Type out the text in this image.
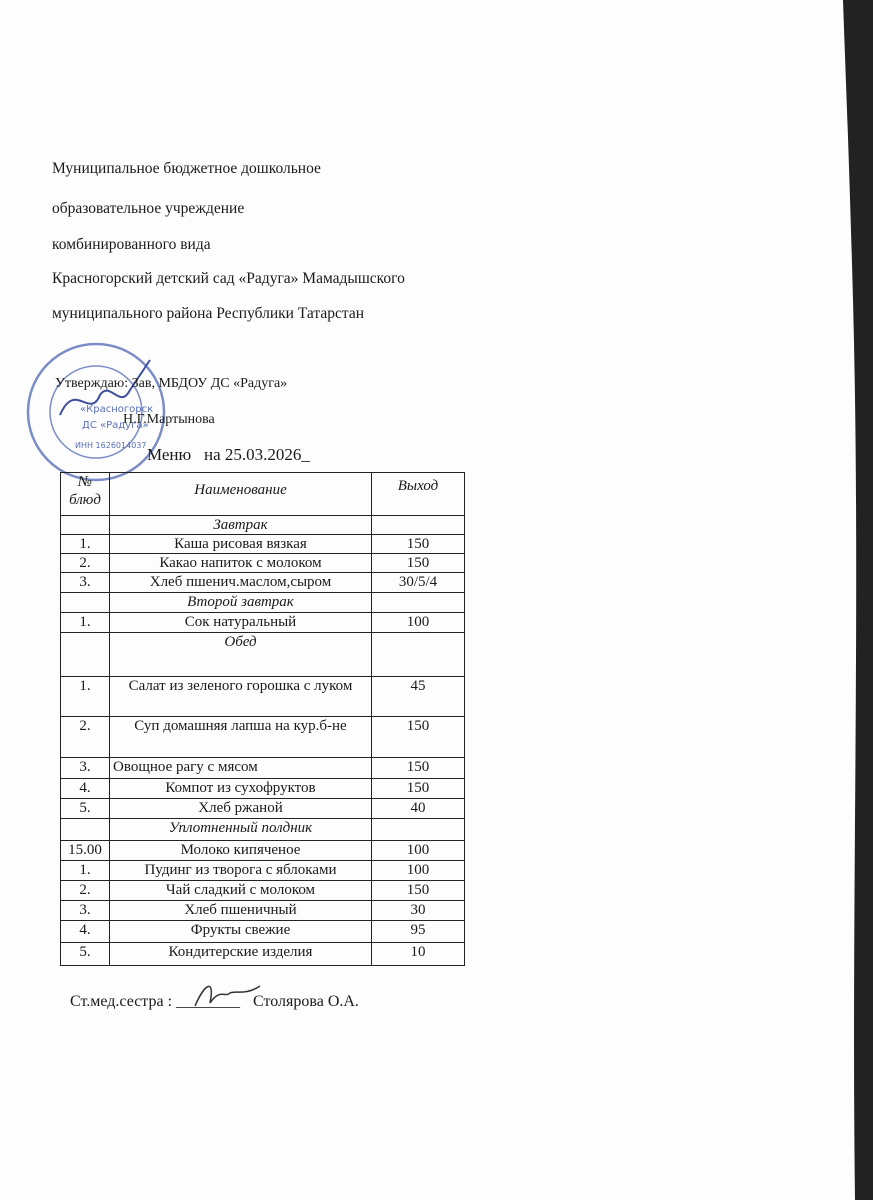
Муниципальное бюджетное дошкольное
образовательное учреждение
комбинированного вида
Красногорский детский сад «Радуга» Мамадышского
муниципального района Республики Татарстан
«Красногорск
ДС «Радуга»
ИНН 1626014037
Утверждаю: Зав, МБДОУ ДС «Радуга»
Н.Г.Мартынова
Меню   на 25.03.2026_
№ блюд	Наименование	Выход
	Завтрак	
1.	Каша рисовая вязкая	150
2.	Какао напиток с молоком	150
3.	Хлеб пшенич.маслом,сыром	30/5/4
	Второй завтрак	
1.	Сок натуральный	100
	Обед	
1.	Салат из зеленого горошка с луком	45
2.	Суп домашняя лапша на кур.б-не	150
3.	Овощное рагу с мясом	150
4.	Компот из сухофруктов	150
5.	Хлеб ржаной	40
	Уплотненный полдник	
15.00	Молоко кипяченое	100
1.	Пудинг из творога с яблоками	100
2.	Чай сладкий с молоком	150
3.	Хлеб пшеничный	30
4.	Фрукты свежие	95
5.	Кондитерские изделия	10
Ст.мед.сестра : ________ Столярова О.А.
